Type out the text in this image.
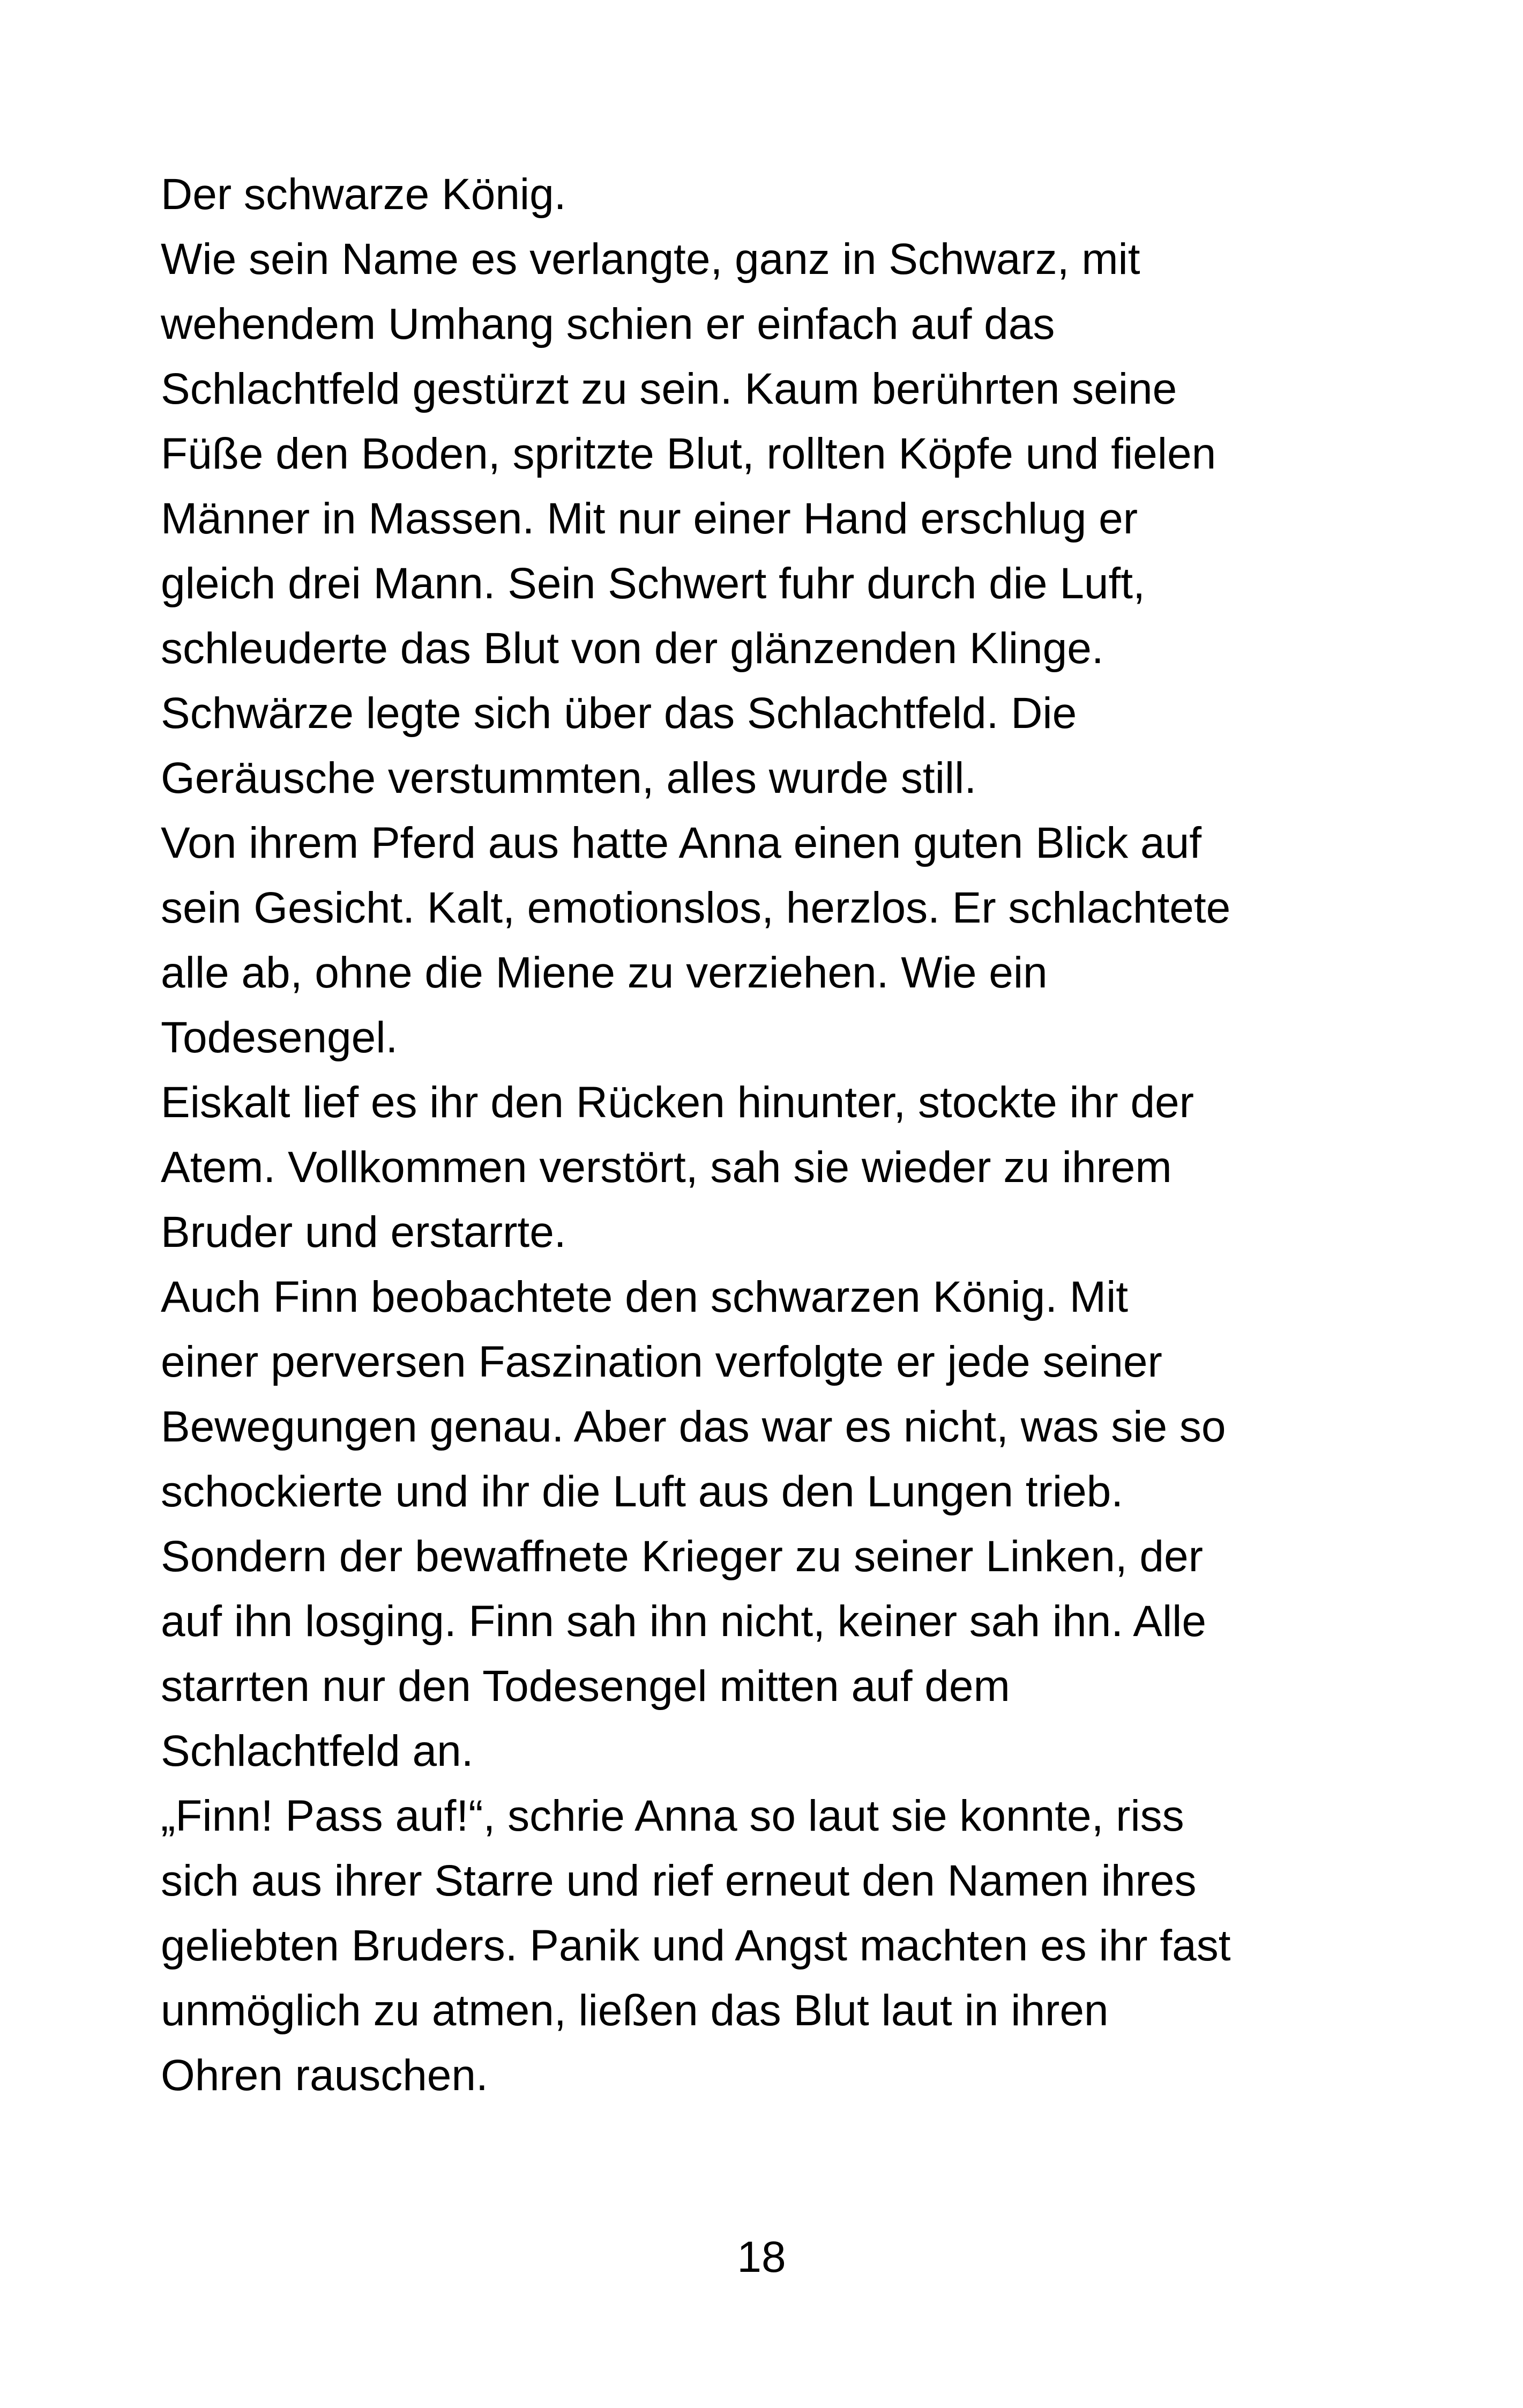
Der schwarze König.
Wie sein Name es verlangte, ganz in Schwarz, mit
wehendem Umhang schien er einfach auf das
Schlachtfeld gestürzt zu sein. Kaum berührten seine
Füße den Boden, spritzte Blut, rollten Köpfe und fielen
Männer in Massen. Mit nur einer Hand erschlug er
gleich drei Mann. Sein Schwert fuhr durch die Luft,
schleuderte das Blut von der glänzenden Klinge.
Schwärze legte sich über das Schlachtfeld. Die
Geräusche verstummten, alles wurde still.
Von ihrem Pferd aus hatte Anna einen guten Blick auf
sein Gesicht. Kalt, emotionslos, herzlos. Er schlachtete
alle ab, ohne die Miene zu verziehen. Wie ein
Todesengel.
Eiskalt lief es ihr den Rücken hinunter, stockte ihr der
Atem. Vollkommen verstört, sah sie wieder zu ihrem
Bruder und erstarrte.
Auch Finn beobachtete den schwarzen König. Mit
einer perversen Faszination verfolgte er jede seiner
Bewegungen genau. Aber das war es nicht, was sie so
schockierte und ihr die Luft aus den Lungen trieb.
Sondern der bewaffnete Krieger zu seiner Linken, der
auf ihn losging. Finn sah ihn nicht, keiner sah ihn. Alle
starrten nur den Todesengel mitten auf dem
Schlachtfeld an.
„Finn! Pass auf!“, schrie Anna so laut sie konnte, riss
sich aus ihrer Starre und rief erneut den Namen ihres
geliebten Bruders. Panik und Angst machten es ihr fast
unmöglich zu atmen, ließen das Blut laut in ihren
Ohren rauschen.
18
